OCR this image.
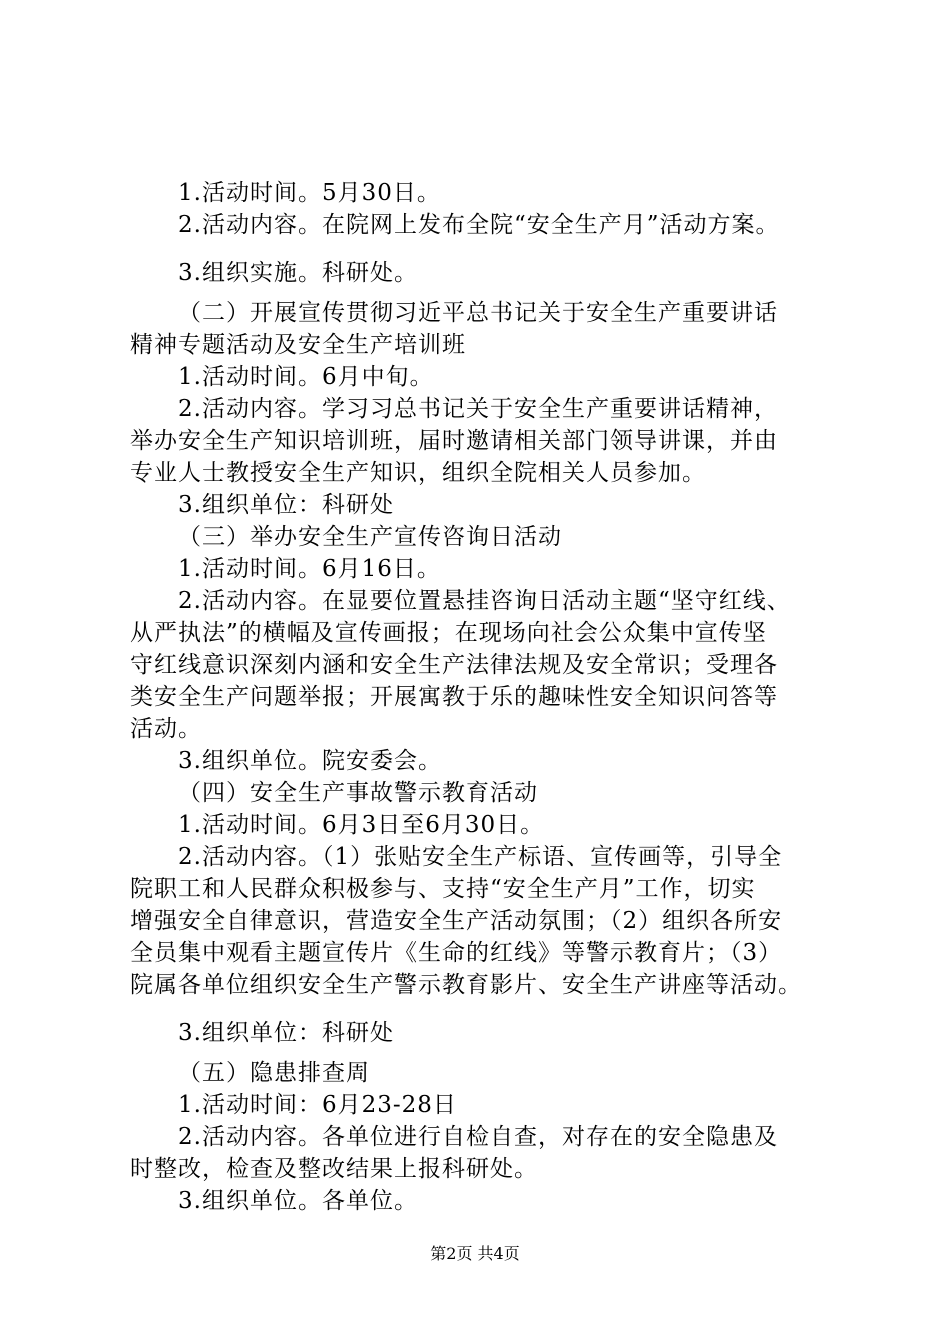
1.活动时间。5月30日。
2.活动内容。在院网上发布全院“安全生产月”活动方案。
3.组织实施。科研处。
（二）开展宣传贯彻习近平总书记关于安全生产重要讲话
精神专题活动及安全生产培训班
1.活动时间。6月中旬。
2.活动内容。学习习总书记关于安全生产重要讲话精神，
举办安全生产知识培训班，届时邀请相关部门领导讲课，并由
专业人士教授安全生产知识，组织全院相关人员参加。
3.组织单位：科研处
（三）举办安全生产宣传咨询日活动
1.活动时间。6月16日。
2.活动内容。在显要位置悬挂咨询日活动主题“坚守红线、
从严执法”的横幅及宣传画报；在现场向社会公众集中宣传坚
守红线意识深刻内涵和安全生产法律法规及安全常识；受理各
类安全生产问题举报；开展寓教于乐的趣味性安全知识问答等
活动。
3.组织单位。院安委会。
（四）安全生产事故警示教育活动
1.活动时间。6月3日至6月30日。
2.活动内容。（1）张贴安全生产标语、宣传画等，引导全
院职工和人民群众积极参与、支持“安全生产月”工作，切实
增强安全自律意识，营造安全生产活动氛围；（2）组织各所安
全员集中观看主题宣传片《生命的红线》等警示教育片；（3）
院属各单位组织安全生产警示教育影片、安全生产讲座等活动。
3.组织单位：科研处
（五）隐患排查周
1.活动时间：6月23-28日
2.活动内容。各单位进行自检自查，对存在的安全隐患及
时整改，检查及整改结果上报科研处。
3.组织单位。各单位。
第2页 共4页
